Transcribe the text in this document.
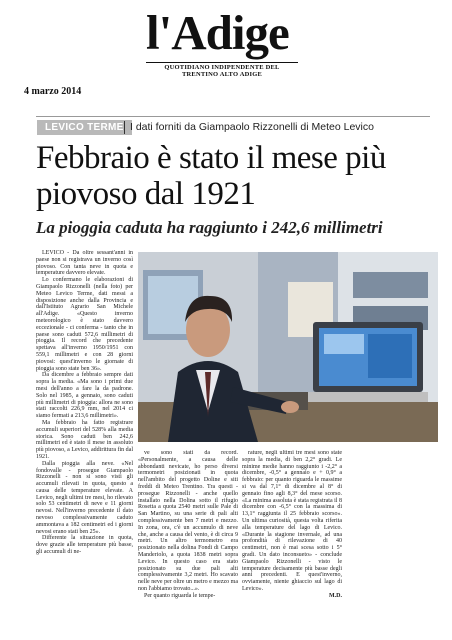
l'Adige
QUOTIDIANO INDIPENDENTE DEL TRENTINO ALTO ADIGE
4 marzo 2014
LEVICO TERME I dati forniti da Giampaolo Rizzonelli di Meteo Levico
Febbraio è stato il mese più piovoso dal 1921
La pioggia caduta ha raggiunto i 242,6 millimetri

LEVICO - Da oltre sessant'anni in paese non si registrava un inverno così piovoso. Con tanta neve in quota e temperature davvero elevate.

Lo confermano le elaborazioni di Giampaolo Rizzonelli (nella foto) per Meteo Levico Terme, dati messi a disposizione anche dalla Provincia e dall'Istituto Agrario San Michele all'Adige. «Questo inverno meteorologico è stato davvero eccezionale - ci conferma - tanto che in paese sono caduti 572,6 millimetri di pioggia. Il record che precedente spettava all'inverno 1950/1951 con 559,1 millimetri e con 28 giorni piovosi: quest'inverno le giornate di pioggia sono state ben 36».

Da dicembre a febbraio sempre dati sopra la media. «Ma sono i primi due mesi dell'anno a fare la da padrone. Solo nel 1985, a gennaio, sono caduti più millimetri di pioggia: allora ne sono stati raccolti 226,9 mm, nel 2014 ci siamo fermati a 213,6 millimetri».

Ma febbraio ha fatto registrare accumuli superiori del 528% alla media storica. Sono caduti ben 242,6 millimetri ed è stato il mese in assoluto più piovoso, a Levico, addirittura fin dal 1921.

Dalla pioggia alla neve. «Nel fondovalle - prosegue Giampaolo Rizzonelli - non si sono visti gli accumuli rilevati in quota, questo a causa delle temperature elevate. A Levico, negli ultimi tre mesi, ho rilevato solo 53 centimetri di neve e 11 giorni nevosi. Nell'inverno precedente il dato nevoso complessivamente caduto ammontava a 182 centimetri ed i giorni nevosi erano stati ben 25».

Differente la situazione in quota, dove grazie alle temperature più basse, gli accumuli di ne-

ve sono stati da record. «Personalmente, a causa delle abbondanti nevicate, ho perso diversi termometri posizionati in quota nell'ambito del progetto Doline e siti freddi di Meteo Trentino. Tra questi - prosegue Rizzonelli - anche quello installato nella Dolina sotto il rifugio Rosetta a quota 2540 metri sulle Pale di San Martino, su una serie di pali alti complessivamente ben 7 metri e mezzo. In zona, ora, c'è un accumulo di neve che, anche a causa del vento, è di circa 9 metri. Un altro termometro era posizionato nella dolina Fondi di Campo Manderiolo, a quota 1838 metri sopra Levico. In questo caso era stato posizionato su due pali alti complessivamente 3,2 metri. Ho scavato nelle neve per oltre un metro e mezzo ma non l'abbiamo trovato...».

Per quanto riguarda le tempe-

rature, negli ultimi tre mesi sono state sopra la media, di ben 2,2° gradi. Le minime medie hanno raggiunto i -2,2° a dicembre, -0,5° a gennaio e + 0,9° a febbraio: per quanto riguarda le massime si va dal 7,1° di dicembre al 8° di gennaio fino agli 8,3° del mese scorso. «La minima assoluta è stata registrata il 8 dicembre con -6,5° con la massima di 13,1° raggiunta il 25 febbraio scorso». Un ultima curiosità, questa volta riferita alla temperature del lago di Levico. «Durante la stagione invernale, ad una profondità di rilevazione di 40 centimetri, non è mai scesa sotto i 5° gradi. Un dato inconsueto» - conclude Giampaolo Rizzonelli - visto le temperature decisamente più basse degli anni precedenti. E quest'inverno, ovviamente, niente ghiaccio sul lago di Levico».

M.D.
